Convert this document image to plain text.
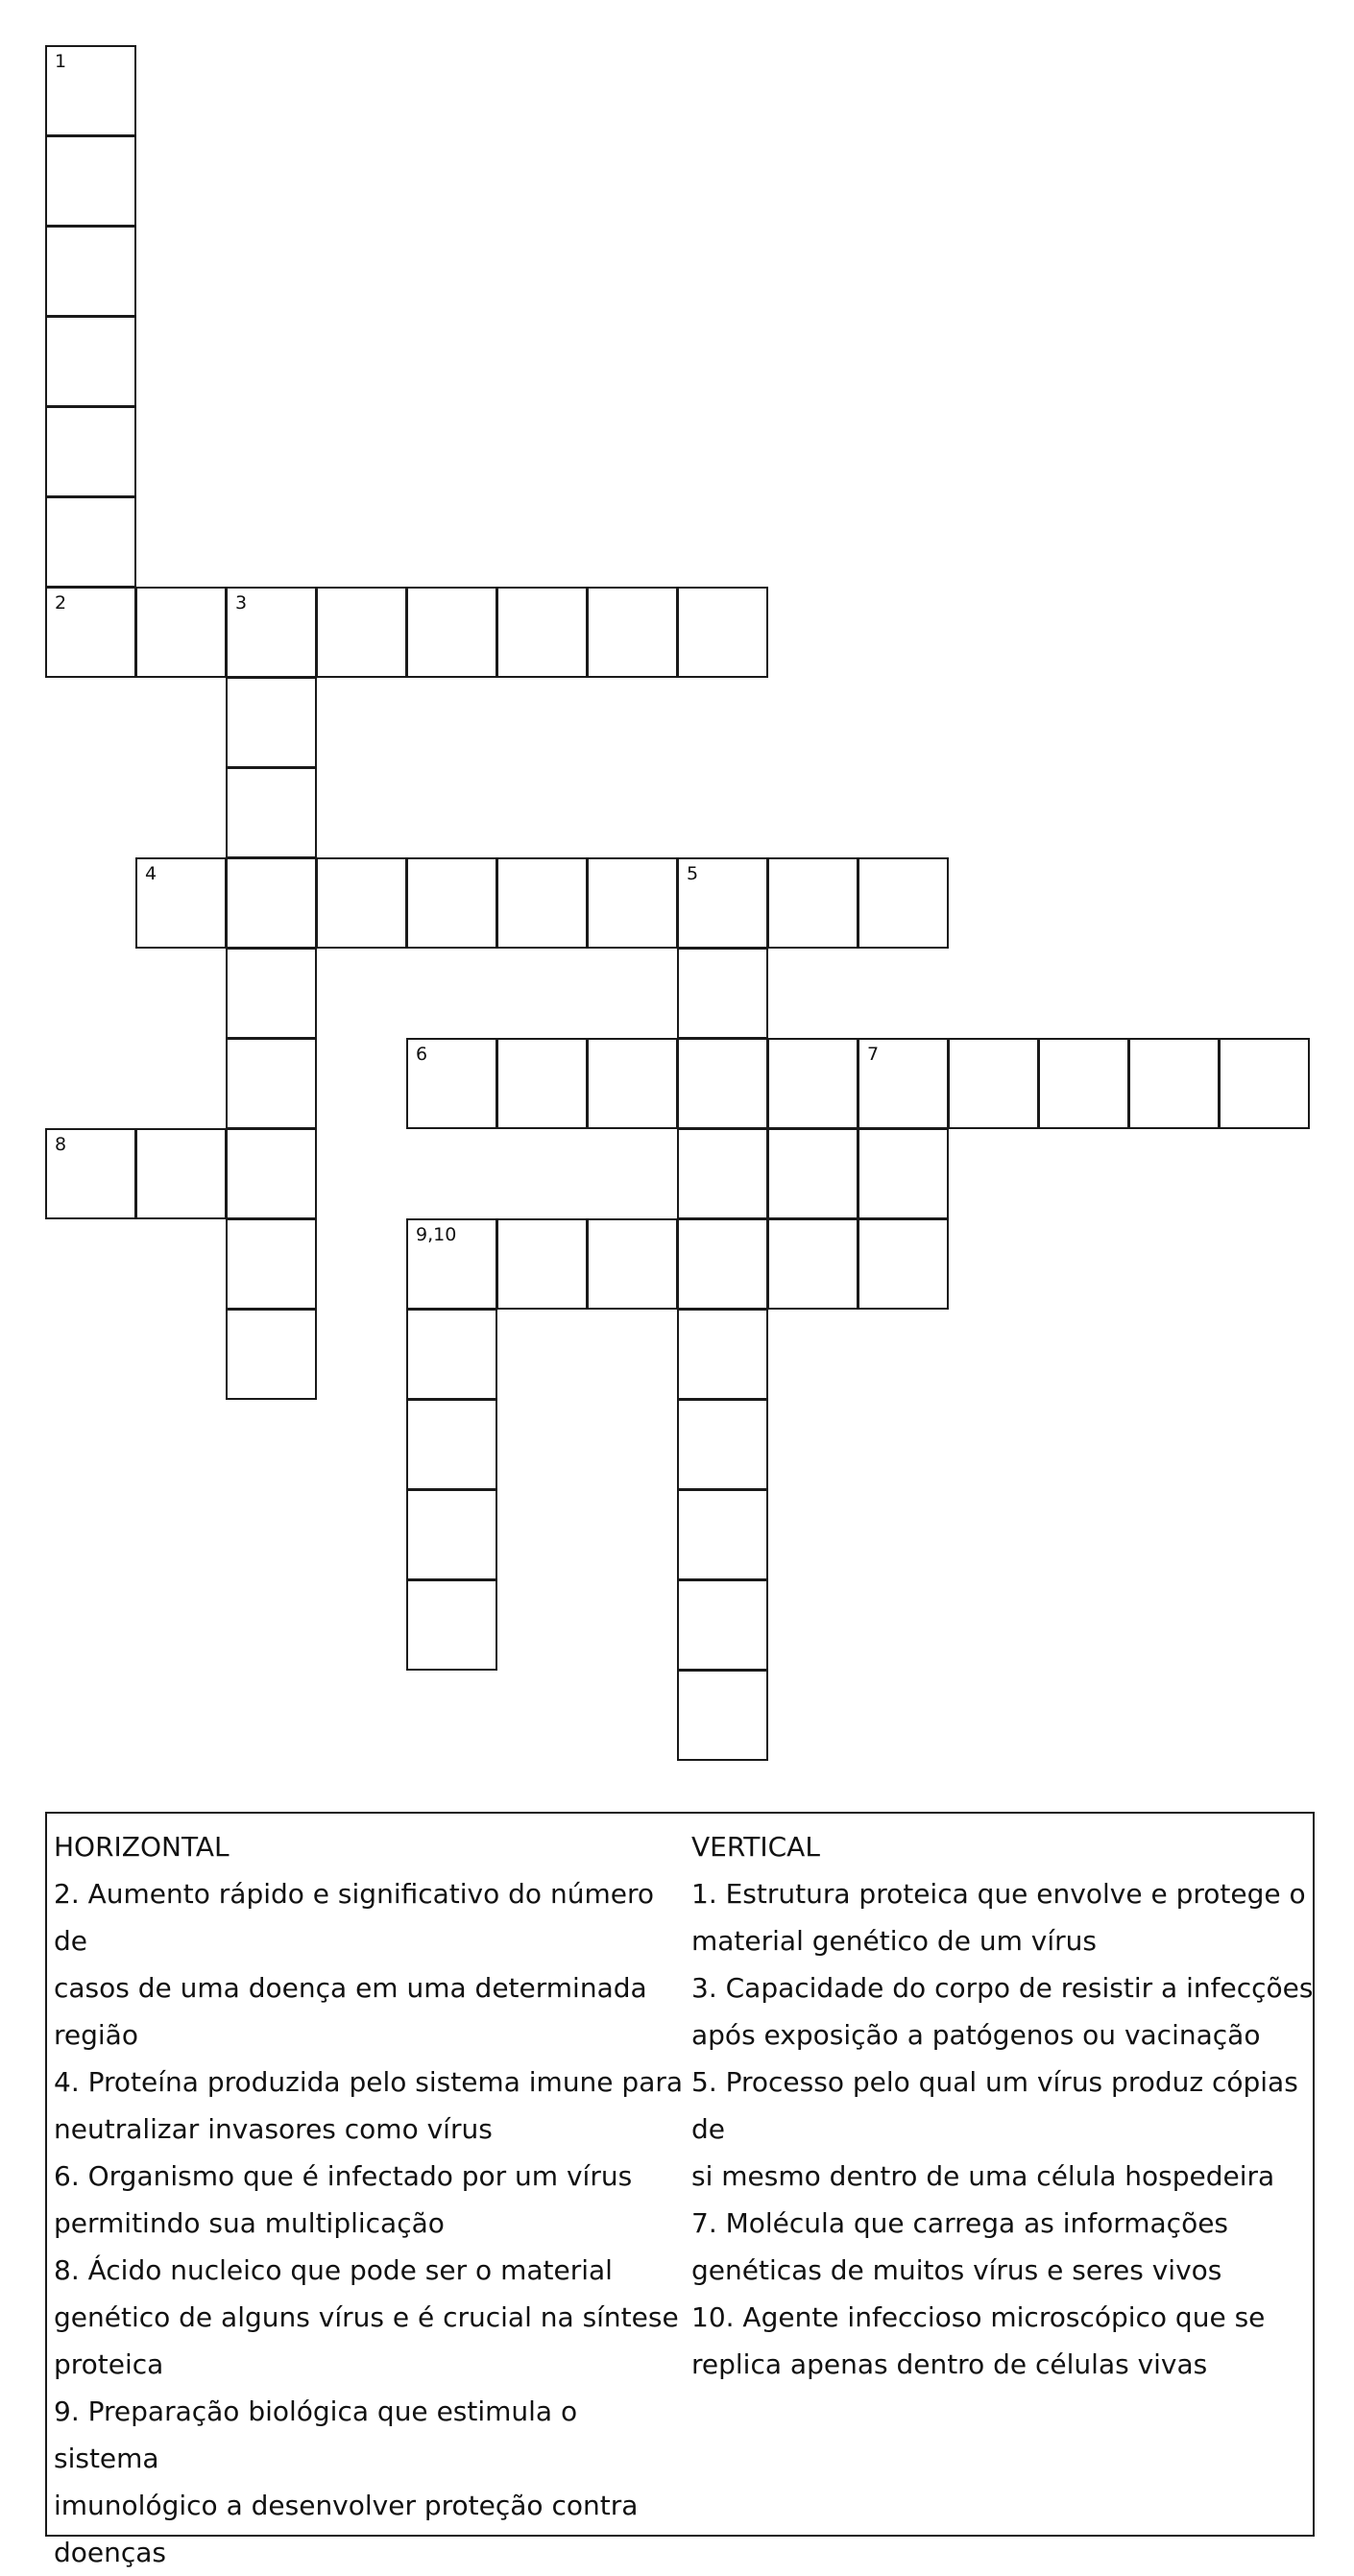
1
2	3
4	5
6	7
8
9,10
HORIZONTAL

2. Aumento rápido e significativo do número de
casos de uma doença em uma determinada
região

4. Proteína produzida pelo sistema imune para
neutralizar invasores como vírus

6. Organismo que é infectado por um vírus
permitindo sua multiplicação

8. Ácido nucleico que pode ser o material
genético de alguns vírus e é crucial na síntese
proteica

9. Preparação biológica que estimula o sistema
imunológico a desenvolver proteção contra
doenças

VERTICAL

1. Estrutura proteica que envolve e protege o
material genético de um vírus

3. Capacidade do corpo de resistir a infecções
após exposição a patógenos ou vacinação

5. Processo pelo qual um vírus produz cópias de
si mesmo dentro de uma célula hospedeira

7. Molécula que carrega as informações
genéticas de muitos vírus e seres vivos

10. Agente infeccioso microscópico que se
replica apenas dentro de células vivas
